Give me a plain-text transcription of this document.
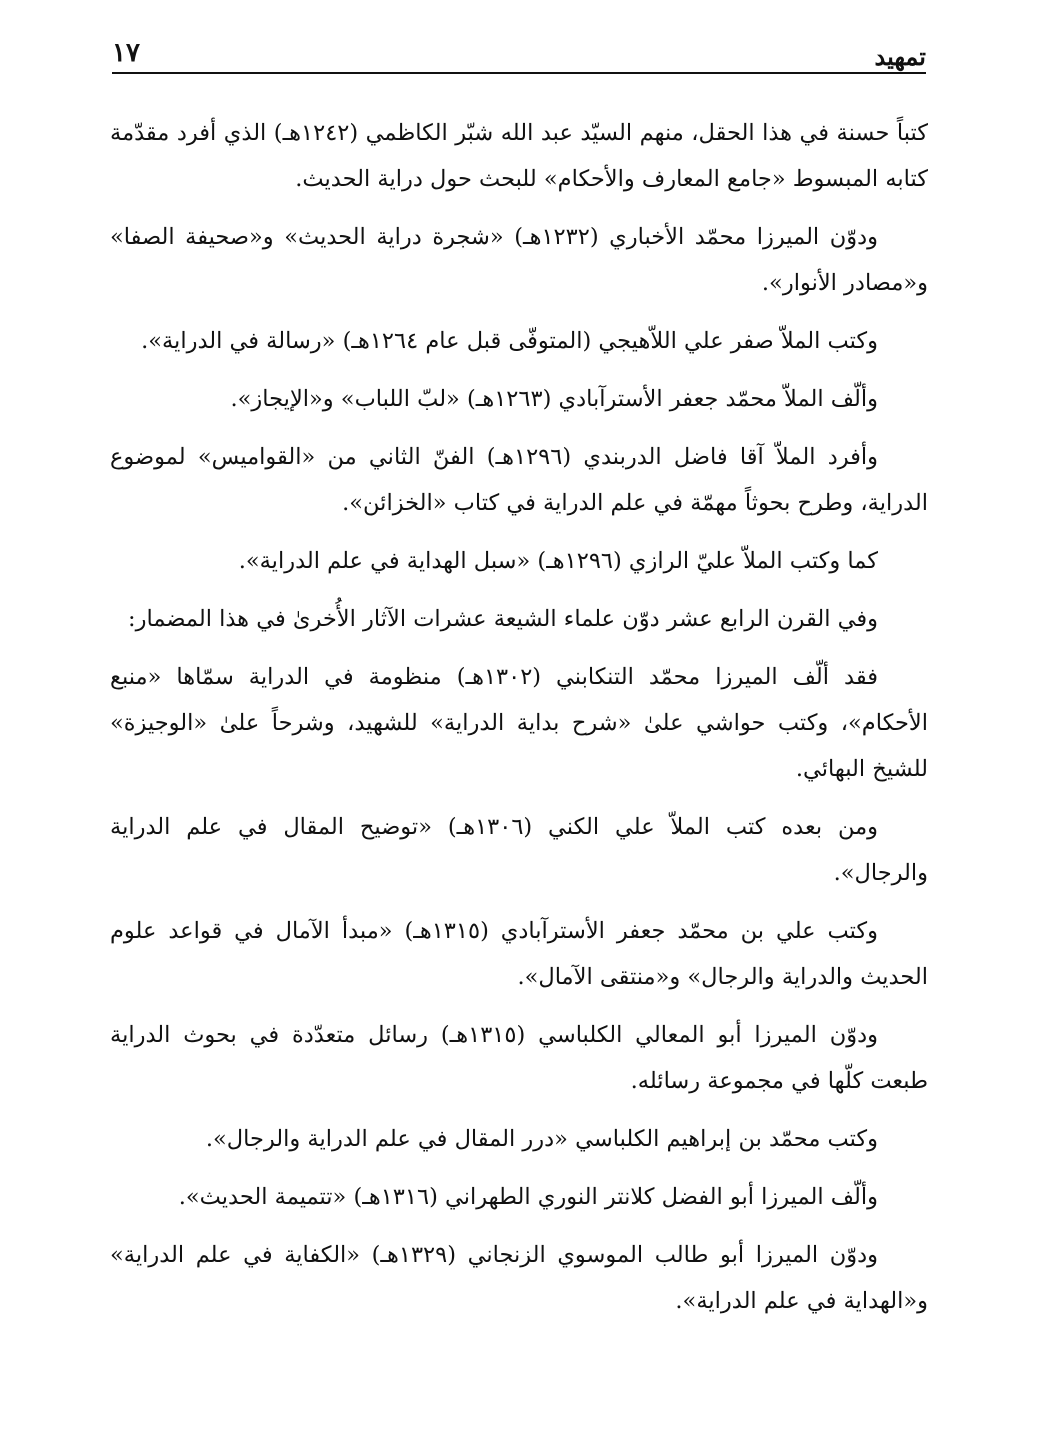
تمهيد
١٧

كتباً حسنة في هذا الحقل، منهم السيّد عبد الله شبّر الكاظمي (١٢٤٢هـ) الذي أفرد مقدّمة كتابه المبسوط «جامع المعارف والأحكام» للبحث حول دراية الحديث.

ودوّن الميرزا محمّد الأخباري (١٢٣٢هـ) «شجرة دراية الحديث» و«صحيفة الصفا» و«مصادر الأنوار».

وكتب الملاّ صفر علي اللاّهيجي (المتوفّى قبل عام ١٢٦٤هـ) «رسالة في الدراية».

وألّف الملاّ محمّد جعفر الأسترآبادي (١٢٦٣هـ) «لبّ اللباب» و«الإيجاز».

وأفرد الملاّ آقا فاضل الدربندي (١٢٩٦هـ) الفنّ الثاني من «القواميس» لموضوع الدراية، وطرح بحوثاً مهمّة في علم الدراية في كتاب «الخزائن».

كما وكتب الملاّ عليّ الرازي (١٢٩٦هـ) «سبل الهداية في علم الدراية».

وفي القرن الرابع عشر دوّن علماء الشيعة عشرات الآثار الأُخرىٰ في هذا المضمار:

فقد ألّف الميرزا محمّد التنكابني (١٣٠٢هـ) منظومة في الدراية سمّاها «منبع الأحكام»، وكتب حواشي علىٰ «شرح بداية الدراية» للشهيد، وشرحاً علىٰ «الوجيزة» للشيخ البهائي.

ومن بعده كتب الملاّ علي الكني (١٣٠٦هـ) «توضيح المقال في علم الدراية والرجال».

وكتب علي بن محمّد جعفر الأسترآبادي (١٣١٥هـ) «مبدأ الآمال في قواعد علوم الحديث والدراية والرجال» و«منتقى الآمال».

ودوّن الميرزا أبو المعالي الكلباسي (١٣١٥هـ) رسائل متعدّدة في بحوث الدراية طبعت كلّها في مجموعة رسائله.

وكتب محمّد بن إبراهيم الكلباسي «درر المقال في علم الدراية والرجال».

وألّف الميرزا أبو الفضل كلانتر النوري الطهراني (١٣١٦هـ) «تتميمة الحديث».

ودوّن الميرزا أبو طالب الموسوي الزنجاني (١٣٢٩هـ) «الكفاية في علم الدراية» و«الهداية في علم الدراية».
